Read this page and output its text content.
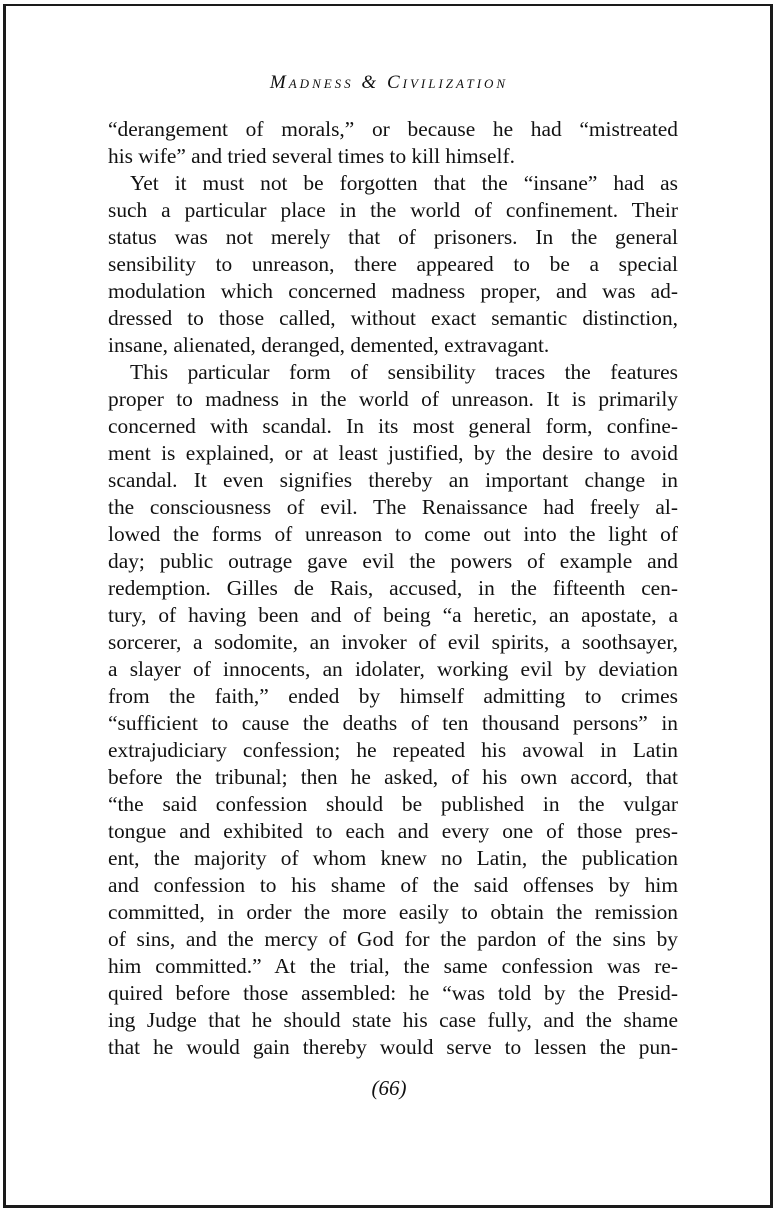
Madness & Civilization
“derangement of morals,” or because he had “mistreated
his wife” and tried several times to kill himself.
Yet it must not be forgotten that the “insane” had as
such a particular place in the world of confinement. Their
status was not merely that of prisoners. In the general
sensibility to unreason, there appeared to be a special
modulation which concerned madness proper, and was ad-
dressed to those called, without exact semantic distinction,
insane, alienated, deranged, demented, extravagant.
This particular form of sensibility traces the features
proper to madness in the world of unreason. It is primarily
concerned with scandal. In its most general form, confine-
ment is explained, or at least justified, by the desire to avoid
scandal. It even signifies thereby an important change in
the consciousness of evil. The Renaissance had freely al-
lowed the forms of unreason to come out into the light of
day; public outrage gave evil the powers of example and
redemption. Gilles de Rais, accused, in the fifteenth cen-
tury, of having been and of being “a heretic, an apostate, a
sorcerer, a sodomite, an invoker of evil spirits, a soothsayer,
a slayer of innocents, an idolater, working evil by deviation
from the faith,” ended by himself admitting to crimes
“sufficient to cause the deaths of ten thousand persons” in
extrajudiciary confession; he repeated his avowal in Latin
before the tribunal; then he asked, of his own accord, that
“the said confession should be published in the vulgar
tongue and exhibited to each and every one of those pres-
ent, the majority of whom knew no Latin, the publication
and confession to his shame of the said offenses by him
committed, in order the more easily to obtain the remission
of sins, and the mercy of God for the pardon of the sins by
him committed.” At the trial, the same confession was re-
quired before those assembled: he “was told by the Presid-
ing Judge that he should state his case fully, and the shame
that he would gain thereby would serve to lessen the pun-
(66)
